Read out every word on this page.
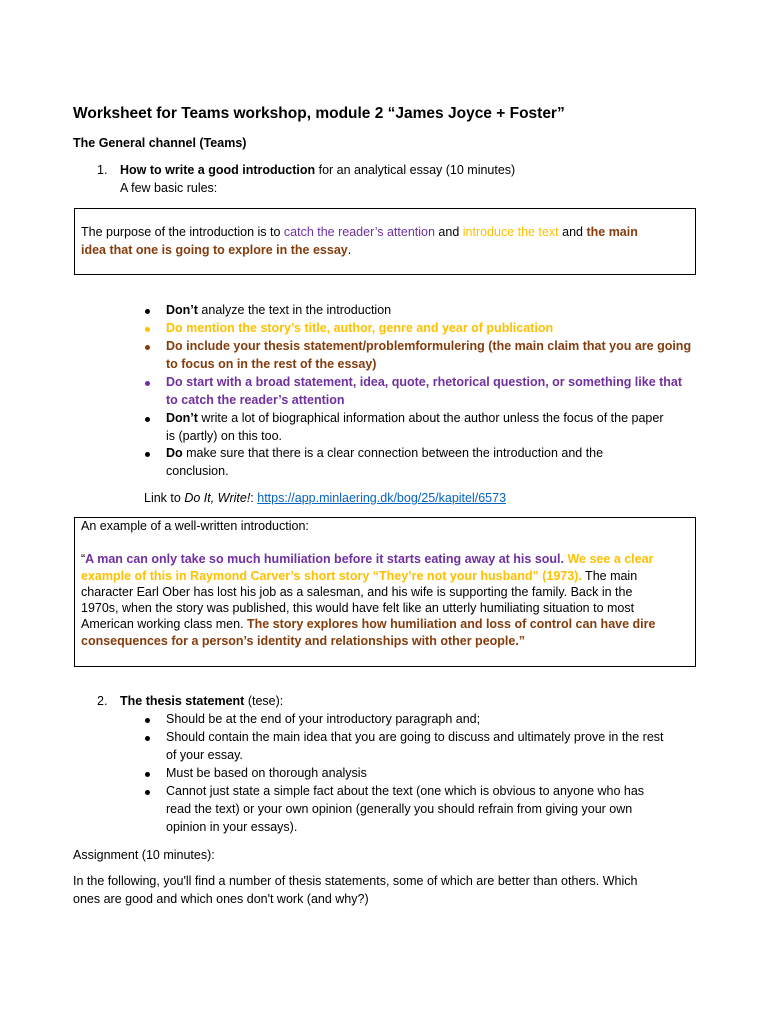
Worksheet for Teams workshop, module 2 “James Joyce + Foster”
The General channel (Teams)
1. How to write a good introduction for an analytical essay (10 minutes)
A few basic rules:
The purpose of the introduction is to catch the reader’s attention and introduce the text and the main
idea that one is going to explore in the essay.
Don’t analyze the text in the introduction
Do mention the story’s title, author, genre and year of publication
Do include your thesis statement/problemformulering (the main claim that you are going
to focus on in the rest of the essay)
Do start with a broad statement, idea, quote, rhetorical question, or something like that
to catch the reader’s attention
Don’t write a lot of biographical information about the author unless the focus of the paper
is (partly) on this too.
Do make sure that there is a clear connection between the introduction and the
conclusion.
Link to Do It, Write!: https://app.minlaering.dk/bog/25/kapitel/6573
An example of a well-written introduction:
“A man can only take so much humiliation before it starts eating away at his soul. We see a clear
example of this in Raymond Carver’s short story “They’re not your husband” (1973). The main
character Earl Ober has lost his job as a salesman, and his wife is supporting the family. Back in the
1970s, when the story was published, this would have felt like an utterly humiliating situation to most
American working class men. The story explores how humiliation and loss of control can have dire
consequences for a person’s identity and relationships with other people.”
2. The thesis statement (tese):
Should be at the end of your introductory paragraph and;
Should contain the main idea that you are going to discuss and ultimately prove in the rest
of your essay.
Must be based on thorough analysis
Cannot just state a simple fact about the text (one which is obvious to anyone who has
read the text) or your own opinion (generally you should refrain from giving your own
opinion in your essays).
Assignment (10 minutes):
In the following, you'll find a number of thesis statements, some of which are better than others. Which
ones are good and which ones don't work (and why?)
